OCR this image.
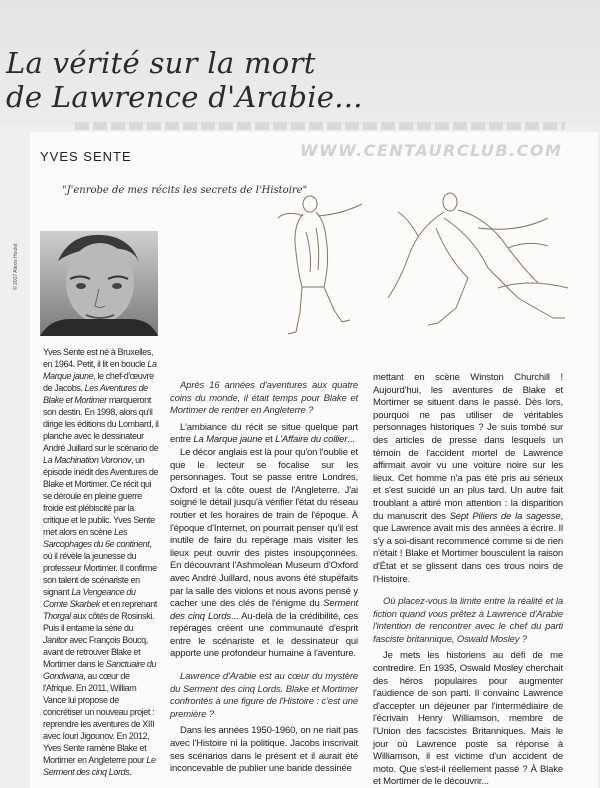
La vérité sur la mort
de Lawrence d'Arabie...
YVES SENTE	WWW.CENTAURCLUB.COM

"J'enrobe de mes récits les secrets de l'Histoire"

© 2017 Alexis Houlet

Yves Sente est né à Bruxelles, en 1964. Petit, il lit en boucle La Marque jaune, le chef-d'œuvre de Jacobs. Les Aventures de Blake et Mortimer marqueront son destin. En 1998, alors qu'il dirige les éditions du Lombard, il planche avec le dessinateur André Juillard sur le scénario de La Machination Voronov, un épisode inédit des Aventures de Blake et Mortimer. Ce récit qui se déroule en pleine guerre froide est plébiscité par la critique et le public. Yves Sente met alors en scène Les Sarcophages du 6e continent, où il révèle la jeunesse du professeur Mortimer. Il confirme son talent de scénariste en signant La Vengeance du Comte Skarbek et en reprenant Thorgal aux côtés de Rosinski. Puis il entame la série du Janitor avec François Boucq, avant de retrouver Blake et Mortimer dans le Sanctuaire du Gondwana, au cœur de l'Afrique. En 2011, William Vance lui propose de concrétiser un nouveau projet : reprendre les aventures de XIII avec Iouri Jigounov. En 2012, Yves Sente ramène Blake et Mortimer en Angleterre pour Le Serment des cinq Lords.

Après 16 années d'aventures aux quatre coins du monde, il était temps pour Blake et Mortimer de rentrer en Angleterre ?

L'ambiance du récit se situe quelque part entre La Marque jaune et L'Affaire du collier...

Le décor anglais est là pour qu'on l'oublie et que le lecteur se focalise sur les personnages. Tout se passe entre Londres, Oxford et la côte ouest de l'Angleterre. J'ai soigné le détail jusqu'à vérifier l'état du réseau routier et les horaires de train de l'époque. À l'époque d'Internet, on pourrait penser qu'il est inutile de faire du repérage mais visiter les lieux peut ouvrir des pistes insoupçonnées. En découvrant l'Ashmolean Museum d'Oxford avec André Juillard, nous avons été stupéfaits par la salle des violons et nous avons pensé y cacher une des clés de l'énigme du Serment des cinq Lords... Au-delà de la crédibilité, ces repérages créent une communauté d'esprit entre le scénariste et le dessinateur qui apporte une profondeur humaine à l'aventure.

Lawrence d'Arabie est au cœur du mystère du Serment des cinq Lords. Blake et Mortimer confrontés à une figure de l'Histoire : c'est une première ?

Dans les années 1950-1960, on ne riait pas avec l'Histoire ni la politique. Jacobs inscrivait ses scénarios dans le présent et il aurait été inconcevable de publier une bande dessinée

mettant en scène Winston Churchill ! Aujourd'hui, les aventures de Blake et Mortimer se situent dans le passé. Dès lors, pourquoi ne pas utiliser de véritables personnages historiques ? Je suis tombé sur des articles de presse dans lesquels un témoin de l'accident mortel de Lawrence affirmait avoir vu une voiture noire sur les lieux. Cet homme n'a pas été pris au sérieux et s'est suicidé un an plus tard. Un autre fait troublant a attiré mon attention : la disparition du manuscrit des Sept Piliers de la sagesse, que Lawrence avait mis des années à écrire. Il s'y a soi-disant recommencé comme si de rien n'était ! Blake et Mortimer bousculent la raison d'État et se glissent dans ces trous noirs de l'Histoire.

Où placez-vous la limite entre la réalité et la fiction quand vous prêtez à Lawrence d'Arabie l'intention de rencontrer avec le chef du parti fasciste britannique, Oswald Mosley ?

Je mets les historiens au défi de me contredire. En 1935, Oswald Mosley cherchait des héros populaires pour augmenter l'audience de son parti. Il convainc Lawrence d'accepter un déjeuner par l'intermédiaire de l'écrivain Henry Williamson, membre de l'Union des facscistes Britanniques. Mais le jour où Lawrence poste sa réponse à Williamson, il est victime d'un accident de moto. Que s'est-il réellement passé ? À Blake et Mortimer de le découvrir...
